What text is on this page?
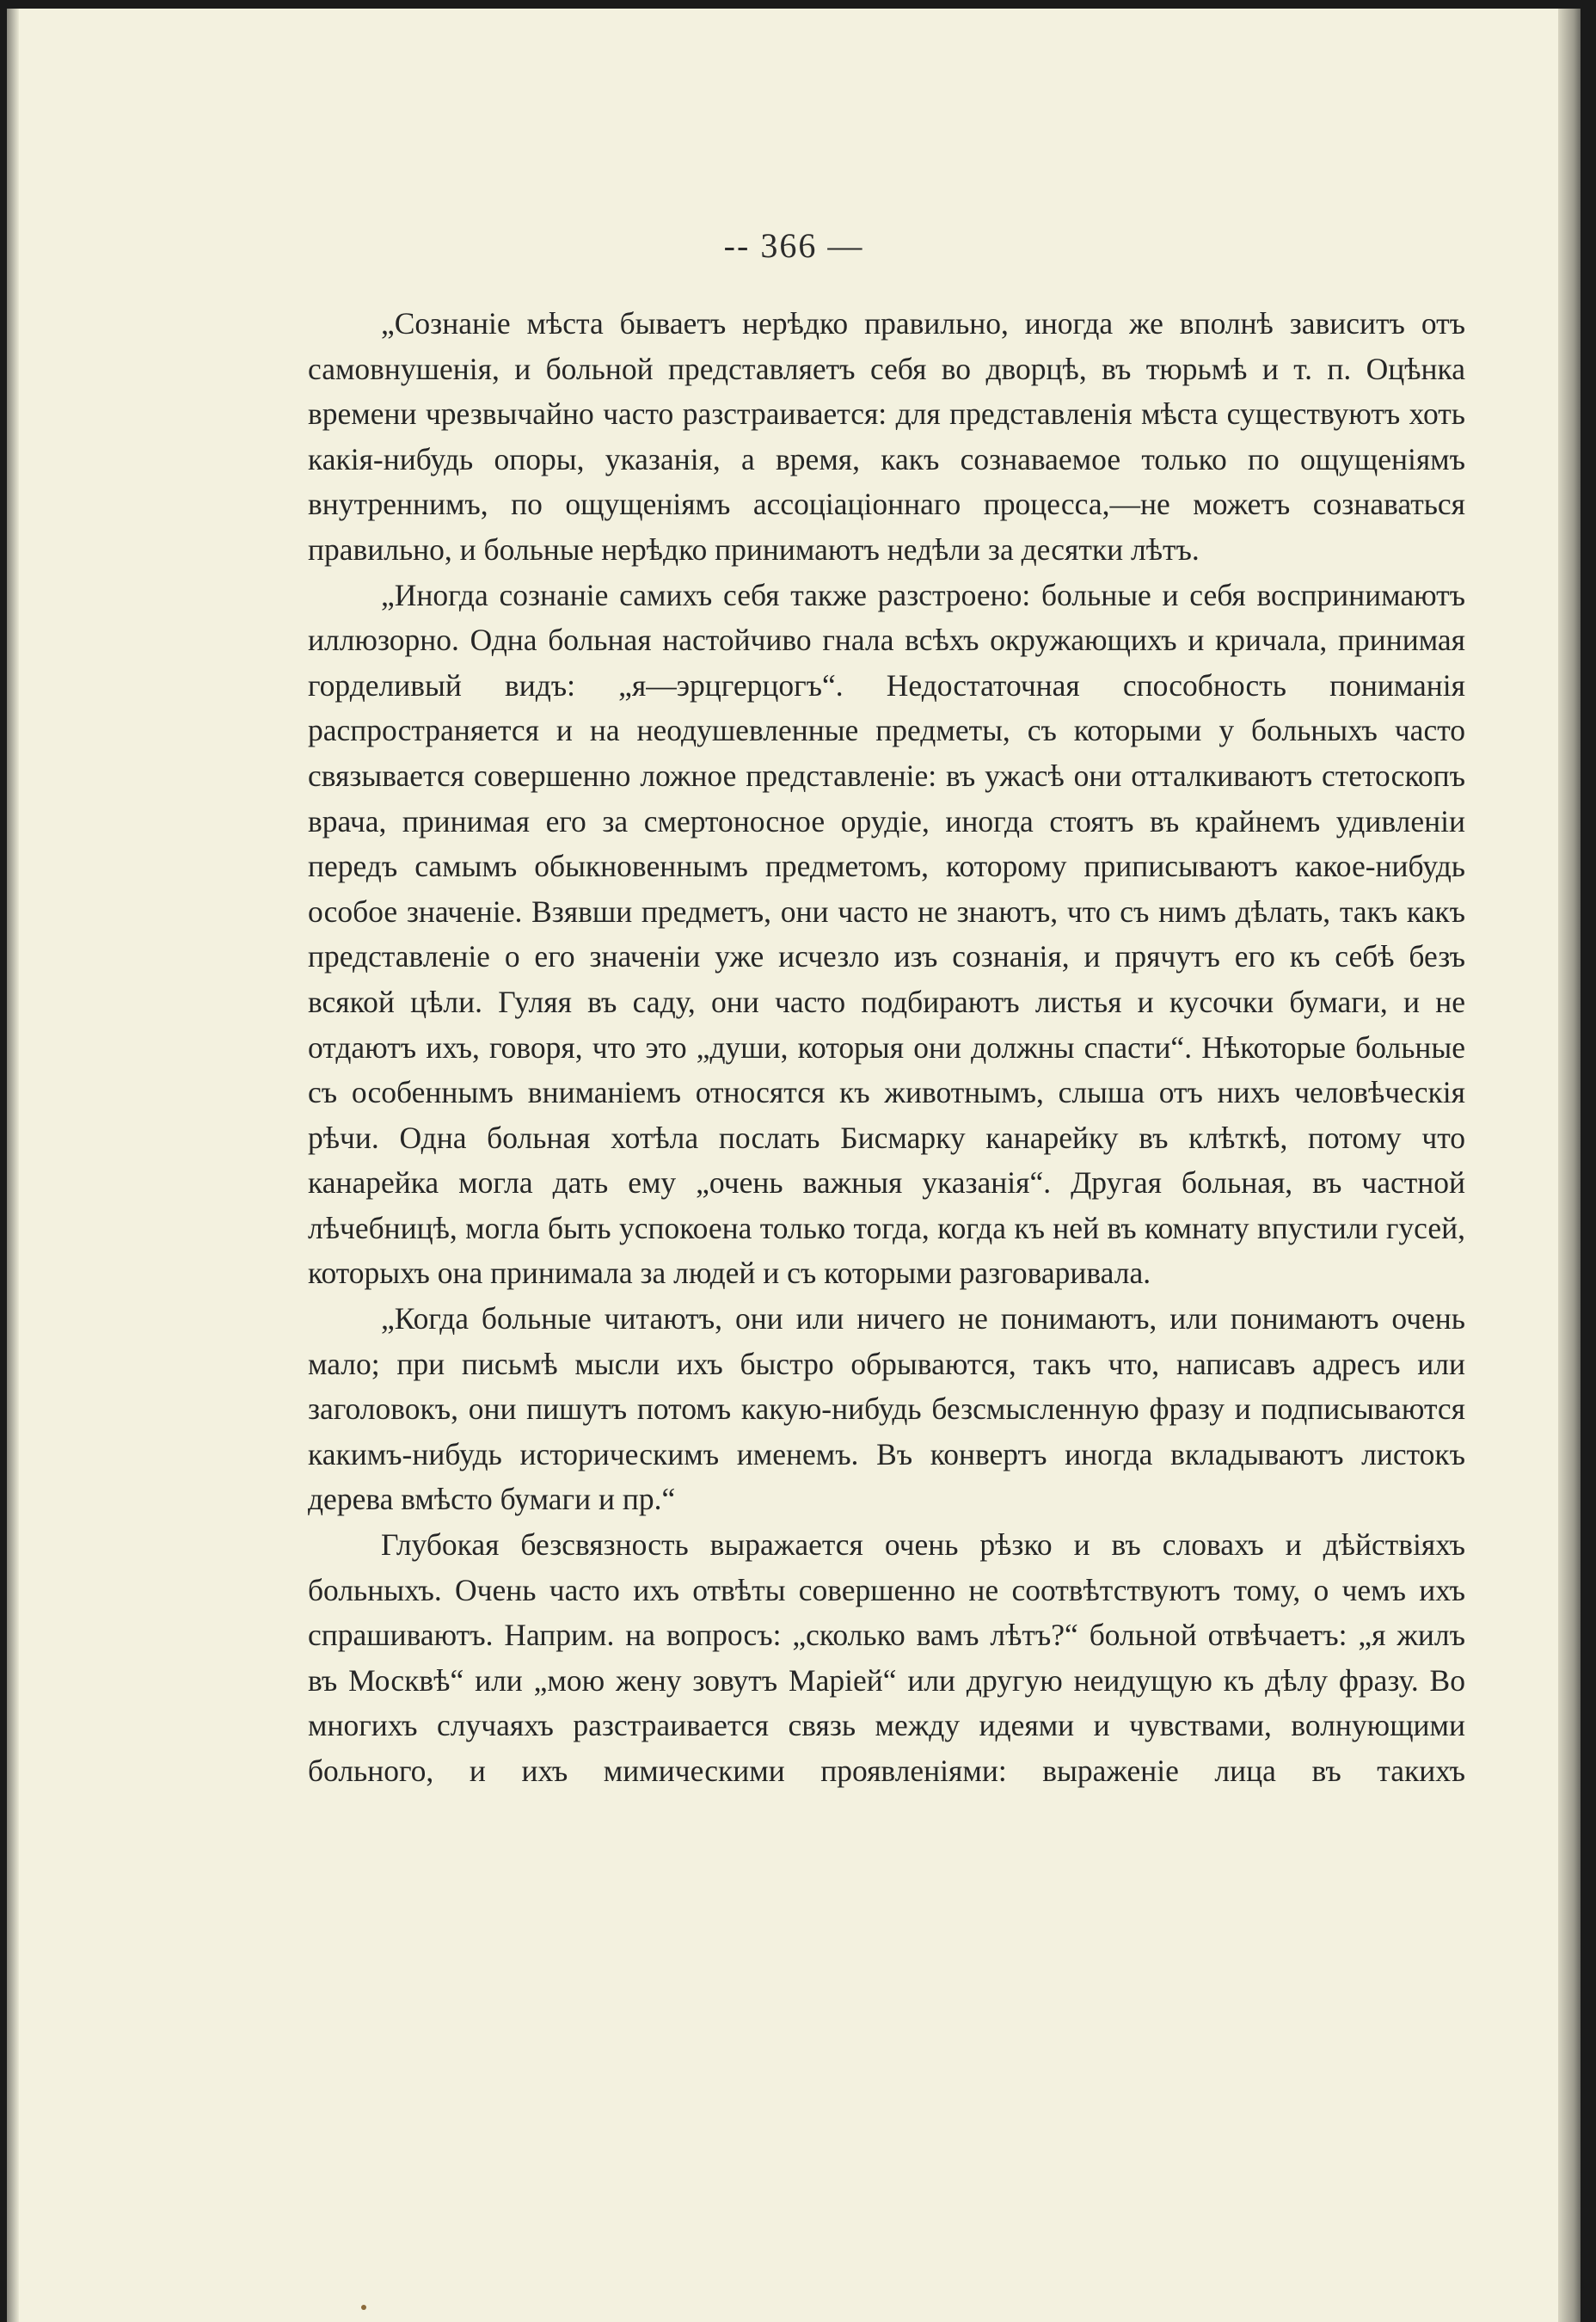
-- 366 —

„Сознаніе мѣста бываетъ нерѣдко правильно, иногда же вполнѣ зависитъ отъ самовнушенія, и больной представляетъ себя во дворцѣ, въ тюрьмѣ и т. п. Оцѣнка времени чрезвычайно часто разстраивается: для представленія мѣста существуютъ хоть какія-нибудь опоры, указанія, а время, какъ сознаваемое только по ощущеніямъ внутреннимъ, по ощущеніямъ ассоціаціоннаго процесса,—не можетъ сознаваться правильно, и больные нерѣдко принимаютъ недѣли за десятки лѣтъ.

„Иногда сознаніе самихъ себя также разстроено: больные и себя воспринимаютъ иллюзорно. Одна больная настойчиво гнала всѣхъ окружающихъ и кричала, принимая горделивый видъ: „я—эрцгерцогъ“. Недостаточная способность пониманія распространяется и на неодушевленные предметы, съ которыми у больныхъ часто связывается совершенно ложное представленіе: въ ужасѣ они отталкиваютъ стетоскопъ врача, принимая его за смертоносное орудіе, иногда стоятъ въ крайнемъ удивленіи передъ самымъ обыкновеннымъ предметомъ, которому приписываютъ какое-нибудь особое значеніе. Взявши предметъ, они часто не знаютъ, что съ нимъ дѣлать, такъ какъ представленіе о его значеніи уже исчезло изъ сознанія, и прячутъ его къ себѣ безъ всякой цѣли. Гуляя въ саду, они часто подбираютъ листья и кусочки бумаги, и не отдаютъ ихъ, говоря, что это „души, которыя они должны спасти“. Нѣкоторые больные съ особеннымъ вниманіемъ относятся къ животнымъ, слыша отъ нихъ человѣческія рѣчи. Одна больная хотѣла послать Бисмарку канарейку въ клѣткѣ, потому что канарейка могла дать ему „очень важныя указанія“. Другая больная, въ частной лѣчебницѣ, могла быть успокоена только тогда, когда къ ней въ комнату впустили гусей, которыхъ она принимала за людей и съ которыми разговаривала.

„Когда больные читаютъ, они или ничего не понимаютъ, или понимаютъ очень мало; при письмѣ мысли ихъ быстро обрываются, такъ что, написавъ адресъ или заголовокъ, они пишутъ потомъ какую-нибудь безсмысленную фразу и подписываются какимъ-нибудь историческимъ именемъ. Въ конвертъ иногда вкладываютъ листокъ дерева вмѣсто бумаги и пр.“

Глубокая безсвязность выражается очень рѣзко и въ словахъ и дѣйствіяхъ больныхъ. Очень часто ихъ отвѣты совершенно не соотвѣтствуютъ тому, о чемъ ихъ спрашиваютъ. Наприм. на вопросъ: „сколько вамъ лѣтъ?“ больной отвѣчаетъ: „я жилъ въ Москвѣ“ или „мою жену зовутъ Маріей“ или другую неидущую къ дѣлу фразу. Во многихъ случаяхъ разстраивается связь между идеями и чувствами, волнующими больного, и ихъ мимическими проявленіями: выраженіе лица въ такихъ
